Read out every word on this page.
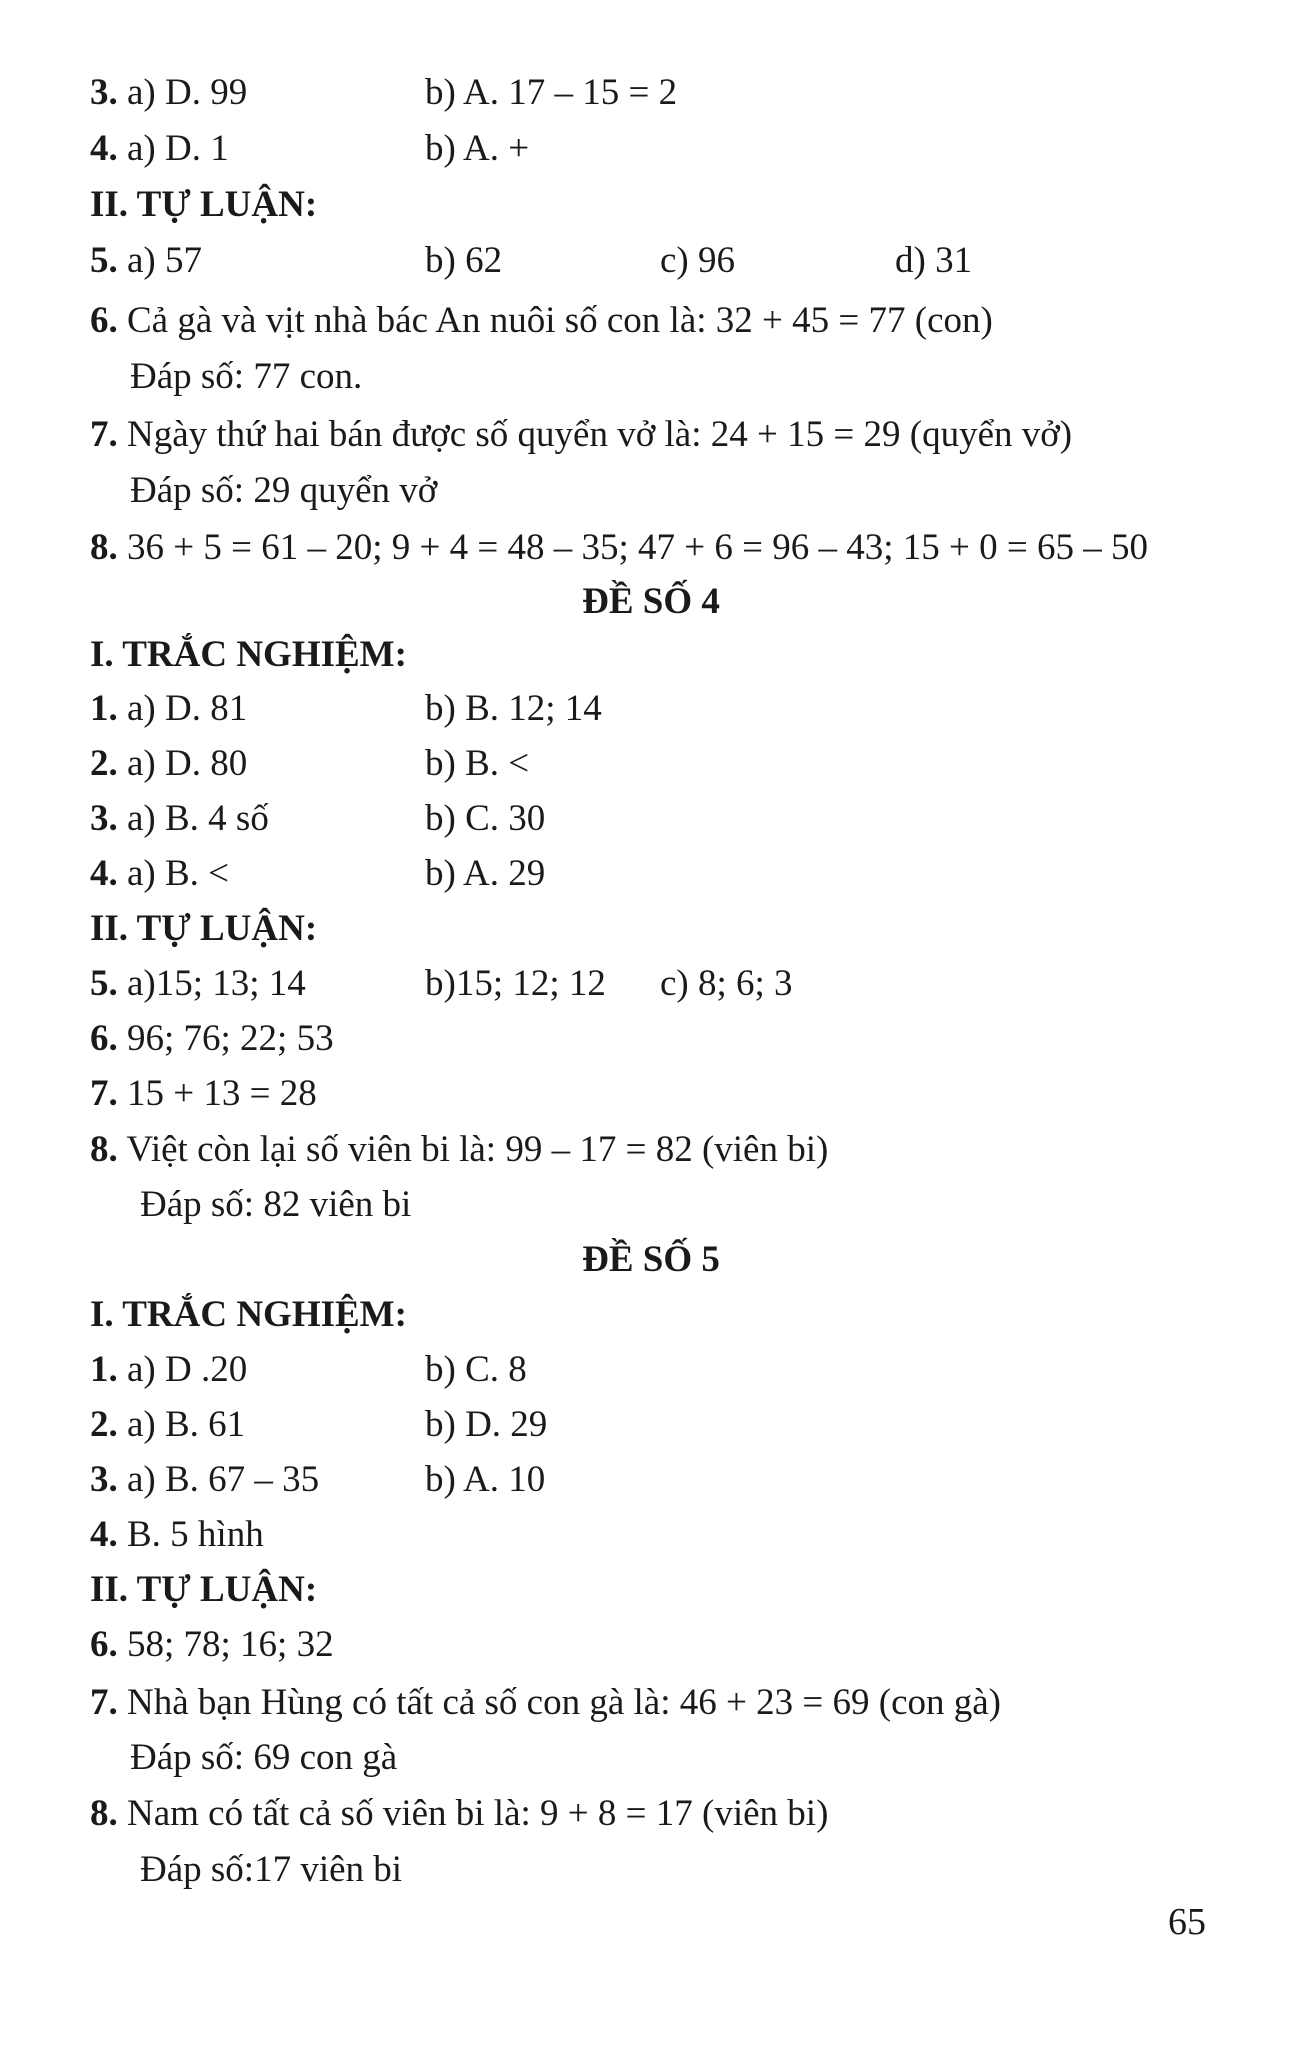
3. a) D. 99	b) A. 17 – 15 = 2
4. a) D. 1	b) A. +
II. TỰ LUẬN:
5. a) 57	b) 62	c) 96	d) 31
6. Cả gà và vịt nhà bác An nuôi số con là: 32 + 45 = 77 (con)
Đáp số: 77 con.
7. Ngày thứ hai bán được số quyển vở là: 24 + 15 = 29 (quyển vở)
Đáp số: 29 quyển vở
8. 36 + 5 = 61 – 20; 9 + 4 = 48 – 35; 47 + 6 = 96 – 43; 15 + 0 = 65 – 50
ĐỀ SỐ 4
I. TRẮC NGHIỆM:
1. a) D. 81	b) B. 12; 14
2. a) D. 80	b) B. <
3. a) B. 4 số	b) C. 30
4. a) B. <	b) A. 29
II. TỰ LUẬN:
5. a)15; 13; 14	b)15; 12; 12 c) 8; 6; 3
6. 96; 76; 22; 53
7. 15 + 13 = 28
8. Việt còn lại số viên bi là: 99 – 17 = 82 (viên bi)
Đáp số: 82 viên bi
ĐỀ SỐ 5
I. TRẮC NGHIỆM:
1. a) D .20	b) C. 8
2. a) B. 61	b) D. 29
3. a) B. 67 – 35	b) A. 10
4. B. 5 hình
II. TỰ LUẬN:
6. 58; 78; 16; 32
7. Nhà bạn Hùng có tất cả số con gà là: 46 + 23 = 69 (con gà)
Đáp số: 69 con gà
8. Nam có tất cả số viên bi là: 9 + 8 = 17 (viên bi)
Đáp số:17 viên bi
65
